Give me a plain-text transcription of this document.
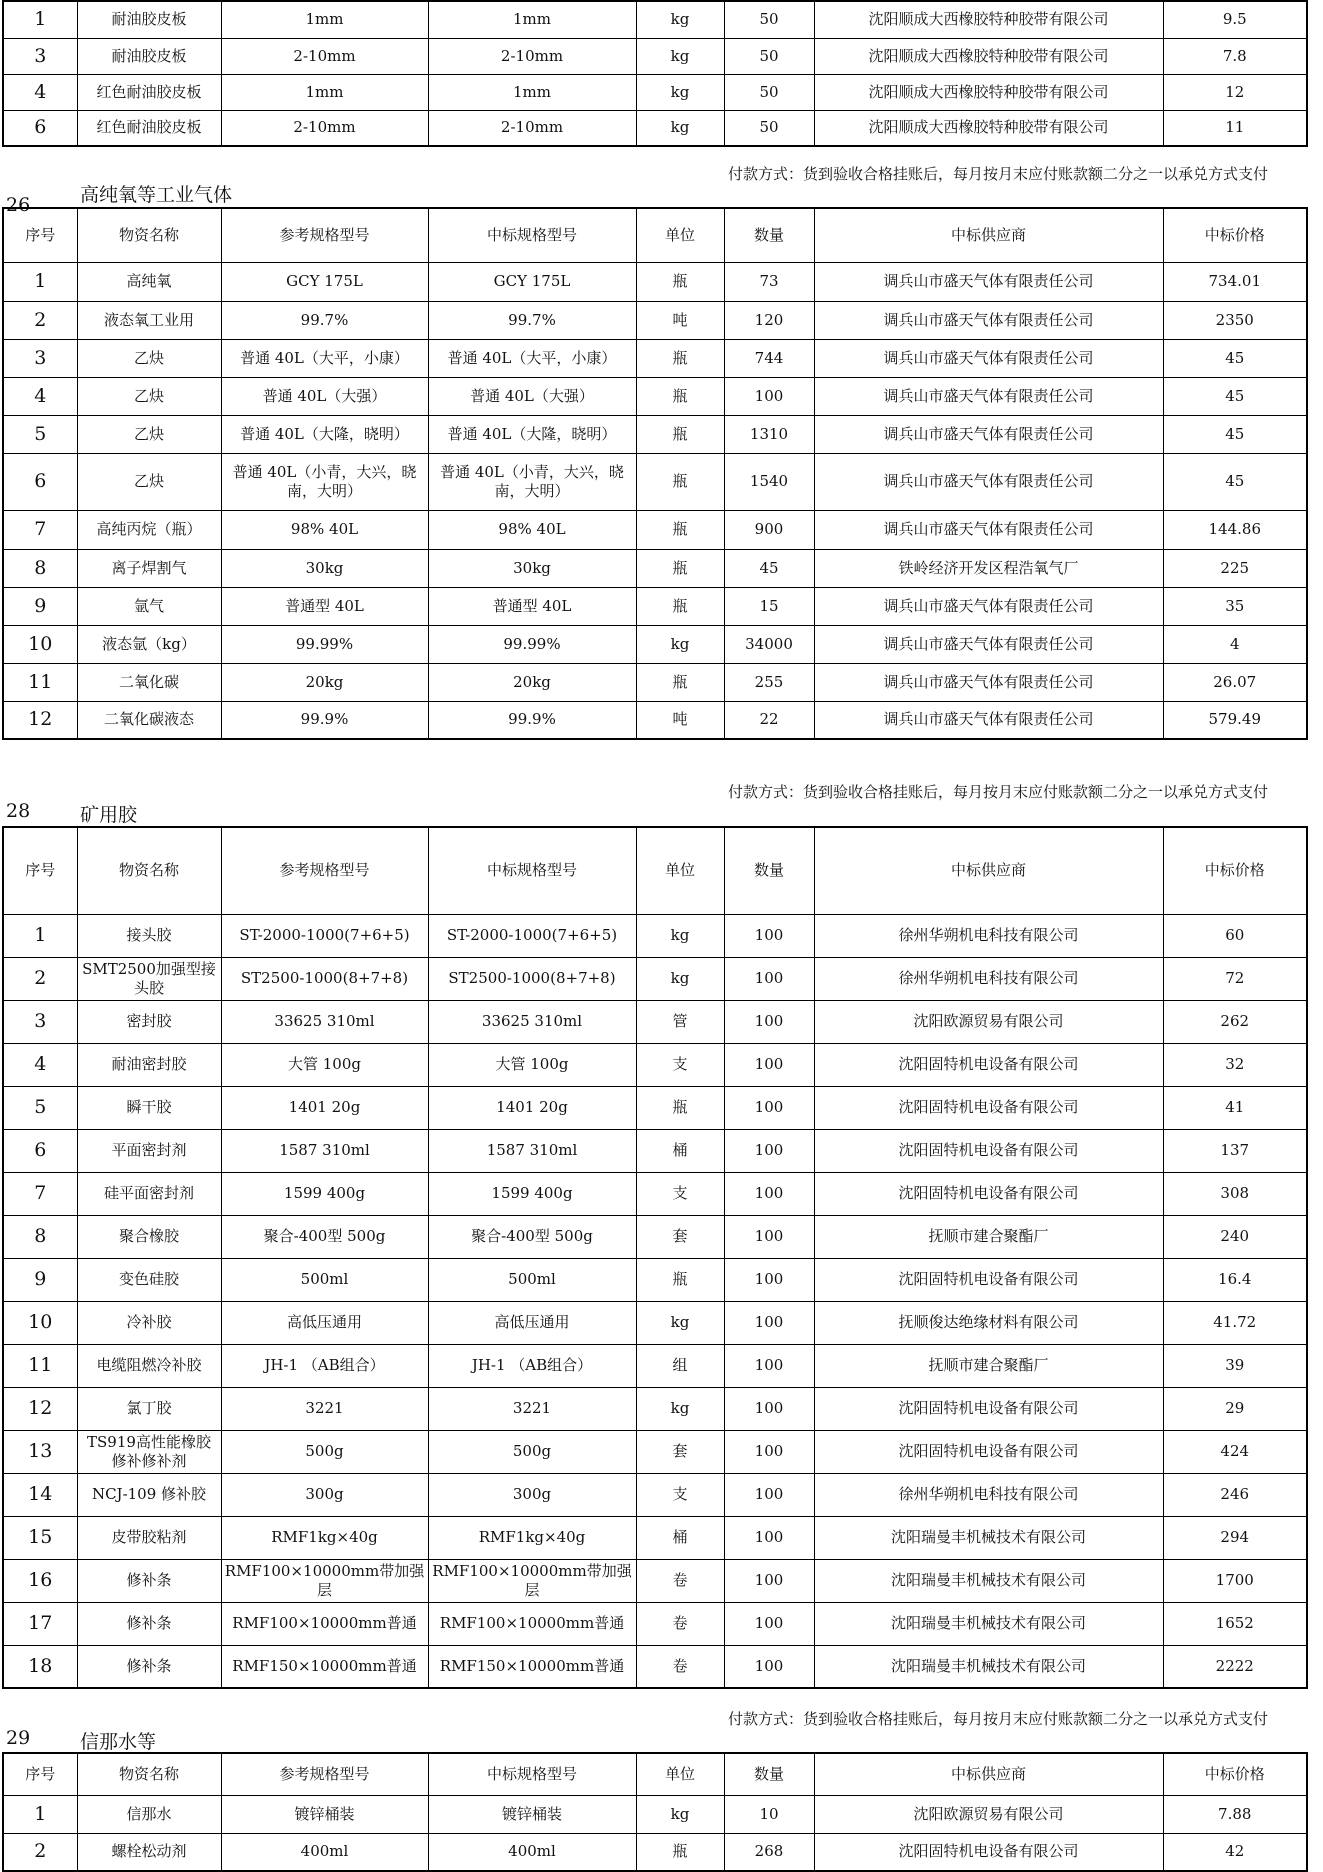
1	耐油胶皮板	1mm	1mm	kg	50	沈阳顺成大西橡胶特种胶带有限公司	9.5
3	耐油胶皮板	2-10mm	2-10mm	kg	50	沈阳顺成大西橡胶特种胶带有限公司	7.8
4	红色耐油胶皮板	1mm	1mm	kg	50	沈阳顺成大西橡胶特种胶带有限公司	12
6	红色耐油胶皮板	2-10mm	2-10mm	kg	50	沈阳顺成大西橡胶特种胶带有限公司	11
26	高纯氧等工业气体
付款方式：货到验收合格挂账后，每月按月末应付账款额二分之一以承兑方式支付
序号	物资名称	参考规格型号	中标规格型号	单位	数量	中标供应商	中标价格
1	高纯氧	GCY 175L	GCY 175L	瓶	73	调兵山市盛天气体有限责任公司	734.01
2	液态氧工业用	99.7%	99.7%	吨	120	调兵山市盛天气体有限责任公司	2350
3	乙炔	普通 40L（大平，小康）	普通 40L（大平，小康）	瓶	744	调兵山市盛天气体有限责任公司	45
4	乙炔	普通 40L（大强）	普通 40L（大强）	瓶	100	调兵山市盛天气体有限责任公司	45
5	乙炔	普通 40L（大隆，晓明）	普通 40L（大隆，晓明）	瓶	1310	调兵山市盛天气体有限责任公司	45
6	乙炔	普通 40L（小青，大兴，晓南，大明）	普通 40L（小青，大兴，晓南，大明）	瓶	1540	调兵山市盛天气体有限责任公司	45
7	高纯丙烷（瓶）	98% 40L	98% 40L	瓶	900	调兵山市盛天气体有限责任公司	144.86
8	离子焊割气	30kg	30kg	瓶	45	铁岭经济开发区程浩氧气厂	225
9	氩气	普通型 40L	普通型 40L	瓶	15	调兵山市盛天气体有限责任公司	35
10	液态氩（kg）	99.99%	99.99%	kg	34000	调兵山市盛天气体有限责任公司	4
11	二氧化碳	20kg	20kg	瓶	255	调兵山市盛天气体有限责任公司	26.07
12	二氧化碳液态	99.9%	99.9%	吨	22	调兵山市盛天气体有限责任公司	579.49
28	矿用胶
付款方式：货到验收合格挂账后，每月按月末应付账款额二分之一以承兑方式支付
序号	物资名称	参考规格型号	中标规格型号	单位	数量	中标供应商	中标价格
1	接头胶	ST-2000-1000(7+6+5)	ST-2000-1000(7+6+5)	kg	100	徐州华朔机电科技有限公司	60
2	SMT2500加强型接头胶	ST2500-1000(8+7+8)	ST2500-1000(8+7+8)	kg	100	徐州华朔机电科技有限公司	72
3	密封胶	33625 310ml	33625 310ml	管	100	沈阳欧源贸易有限公司	262
4	耐油密封胶	大管 100g	大管 100g	支	100	沈阳固特机电设备有限公司	32
5	瞬干胶	1401 20g	1401 20g	瓶	100	沈阳固特机电设备有限公司	41
6	平面密封剂	1587 310ml	1587 310ml	桶	100	沈阳固特机电设备有限公司	137
7	硅平面密封剂	1599 400g	1599 400g	支	100	沈阳固特机电设备有限公司	308
8	聚合橡胶	聚合-400型 500g	聚合-400型 500g	套	100	抚顺市建合聚酯厂	240
9	变色硅胶	500ml	500ml	瓶	100	沈阳固特机电设备有限公司	16.4
10	冷补胶	高低压通用	高低压通用	kg	100	抚顺俊达绝缘材料有限公司	41.72
11	电缆阻燃冷补胶	JH-1 （AB组合）	JH-1 （AB组合）	组	100	抚顺市建合聚酯厂	39
12	氯丁胶	3221	3221	kg	100	沈阳固特机电设备有限公司	29
13	TS919高性能橡胶修补修补剂	500g	500g	套	100	沈阳固特机电设备有限公司	424
14	NCJ-109 修补胶	300g	300g	支	100	徐州华朔机电科技有限公司	246
15	皮带胶粘剂	RMF1kg×40g	RMF1kg×40g	桶	100	沈阳瑞曼丰机械技术有限公司	294
16	修补条	RMF100×10000mm带加强层	RMF100×10000mm带加强层	卷	100	沈阳瑞曼丰机械技术有限公司	1700
17	修补条	RMF100×10000mm普通	RMF100×10000mm普通	卷	100	沈阳瑞曼丰机械技术有限公司	1652
18	修补条	RMF150×10000mm普通	RMF150×10000mm普通	卷	100	沈阳瑞曼丰机械技术有限公司	2222
29	信那水等
付款方式：货到验收合格挂账后，每月按月末应付账款额二分之一以承兑方式支付
序号	物资名称	参考规格型号	中标规格型号	单位	数量	中标供应商	中标价格
1	信那水	镀锌桶装	镀锌桶装	kg	10	沈阳欧源贸易有限公司	7.88
2	螺栓松动剂	400ml	400ml	瓶	268	沈阳固特机电设备有限公司	42
